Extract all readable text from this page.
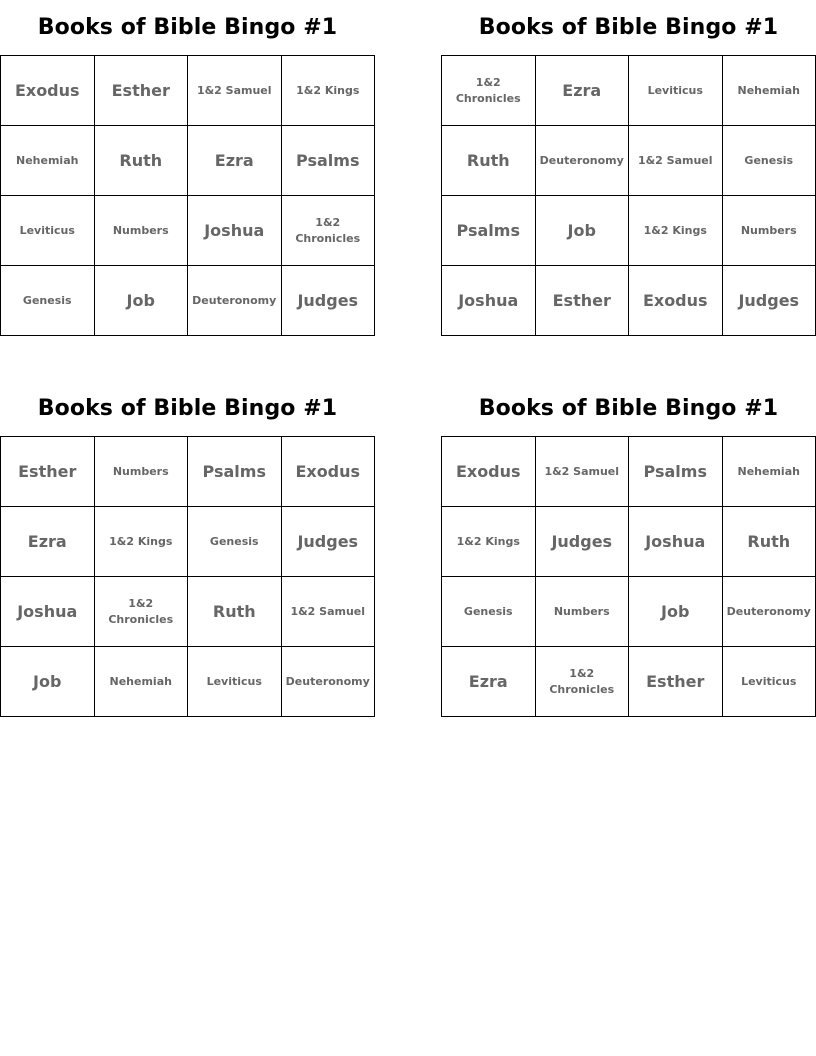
Books of Bible Bingo #1
Exodus	Esther	1&2 Samuel	1&2 Kings
Nehemiah	Ruth	Ezra	Psalms
Leviticus	Numbers	Joshua	1&2 Chronicles
Genesis	Job	Deuteronomy	Judges
Books of Bible Bingo #1
1&2 Chronicles	Ezra	Leviticus	Nehemiah
Ruth	Deuteronomy	1&2 Samuel	Genesis
Psalms	Job	1&2 Kings	Numbers
Joshua	Esther	Exodus	Judges
Books of Bible Bingo #1
Esther	Numbers	Psalms	Exodus
Ezra	1&2 Kings	Genesis	Judges
Joshua	1&2 Chronicles	Ruth	1&2 Samuel
Job	Nehemiah	Leviticus	Deuteronomy
Books of Bible Bingo #1
Exodus	1&2 Samuel	Psalms	Nehemiah
1&2 Kings	Judges	Joshua	Ruth
Genesis	Numbers	Job	Deuteronomy
Ezra	1&2 Chronicles	Esther	Leviticus
